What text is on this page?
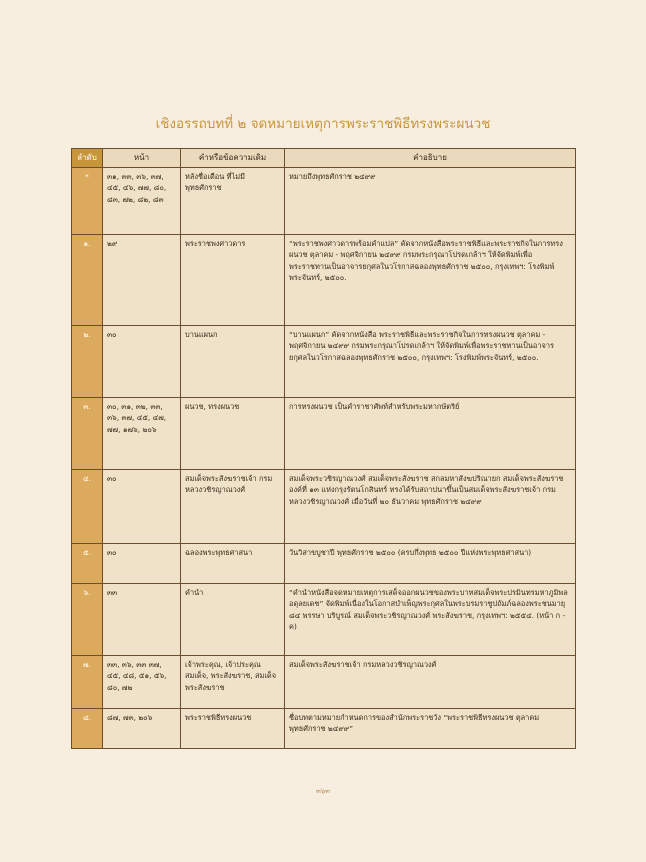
เชิงอรรถบทที่ ๒ จดหมายเหตุการพระราชพิธีทรงพระผนวช
ลำดับ	หน้า	คำหรือข้อความเดิม	คำอธิบาย
*	๓๑, ๓๓, ๓๖, ๓๗, ๔๕, ๔๖, ๗๗, ๘๐, ๘๓, ๗๒, ๘๒, ๘๓	หลังชื่อเดือน ที่ไม่มีพุทธศักราช	หมายถึงพุทธศักราช ๒๔๙๙
๑.	๒๙	พระราชพงศาวดาร	“พระราชพงศาวดารพร้อมคำแปล” คัดจากหนังสือพระราชพิธีและพระราชกิจในการทรงผนวช ตุลาคม - พฤศจิกายน ๒๔๙๙ กรมพระกรุณาโปรดเกล้าฯ ให้จัดพิมพ์เพื่อพระราชทานเป็นอาจารยกุศลในวโรกาสฉลองพุทธศักราช ๒๕๐๐, กรุงเทพฯ: โรงพิมพ์พระจันทร์, ๒๕๐๐.
๒.	๓๐	บานแผนก	“บานแผนก” คัดจากหนังสือ พระราชพิธีและพระราชกิจในการทรงผนวช ตุลาคม - พฤศจิกายน ๒๔๙๙ กรมพระกรุณาโปรดเกล้าฯ ให้จัดพิมพ์เพื่อพระราชทานเป็นอาจารยกุศลในวโรกาสฉลองพุทธศักราช ๒๕๐๐, กรุงเทพฯ: โรงพิมพ์พระจันทร์, ๒๕๐๐.
๓.	๓๐, ๓๑, ๓๒, ๓๓, ๓๖, ๓๗, ๔๕, ๔๗, ๗๗, ๑๗๖, ๒๐๖	ผนวช, ทรงผนวช	การทรงผนวช เป็นคำราชาศัพท์สำหรับพระมหากษัตริย์
๔.	๓๐	สมเด็จพระสังฆราชเจ้า กรมหลวงวชิรญาณวงศ์	สมเด็จพระวชิรญาณวงศ์ สมเด็จพระสังฆราช สกลมหาสังฆปริณายก สมเด็จพระสังฆราชองค์ที่ ๑๓ แห่งกรุงรัตนโกสินทร์ ทรงได้รับสถาปนาขึ้นเป็นสมเด็จพระสังฆราชเจ้า กรมหลวงวชิรญาณวงศ์ เมื่อวันที่ ๒๐ ธันวาคม พุทธศักราช ๒๔๙๙
๕.	๓๐	ฉลองพระพุทธศาสนา	วันวิสาขบูชาปี พุทธศักราช ๒๕๐๐ (ครบกึ่งพุทธ ๒๕๐๐ ปีแห่งพระพุทธศาสนา)
๖.	๓๓	คำนำ	“คำนำหนังสือจดหมายเหตุการเสด็จออกผนวชของพระบาทสมเด็จพระปรมินทรมหาภูมิพลอดุลยเดช” จัดพิมพ์เนื่องในโอกาสบำเพ็ญพระกุศลในพระบรมราชูปถัมภ์ฉลองพระชนมายุ ๘๔ พรรษา บริบูรณ์ สมเด็จพระวชิรญาณวงศ์ พระสังฆราช, กรุงเทพฯ: ๒๕๕๔. (หน้า ก - ค)
๗.	๓๓, ๓๖, ๓๓ ๓๗, ๔๕, ๔๘, ๕๑, ๕๖, ๘๐, ๗๒	เจ้าพระคุณ, เจ้าประคุณ สมเด็จ, พระสังฆราช, สมเด็จพระสังฆราช	สมเด็จพระสังฆราชเจ้า กรมหลวงวชิรญาณวงศ์
๘.	๘๗, ๗๓, ๒๐๖	พระราชพิธีทรงผนวช	ชื่อบทตามหมายกำหนดการของสำนักพระราชวัง “พระราชพิธีทรงผนวช ตุลาคม พุทธศักราช ๒๔๙๙”
๓๖๓
